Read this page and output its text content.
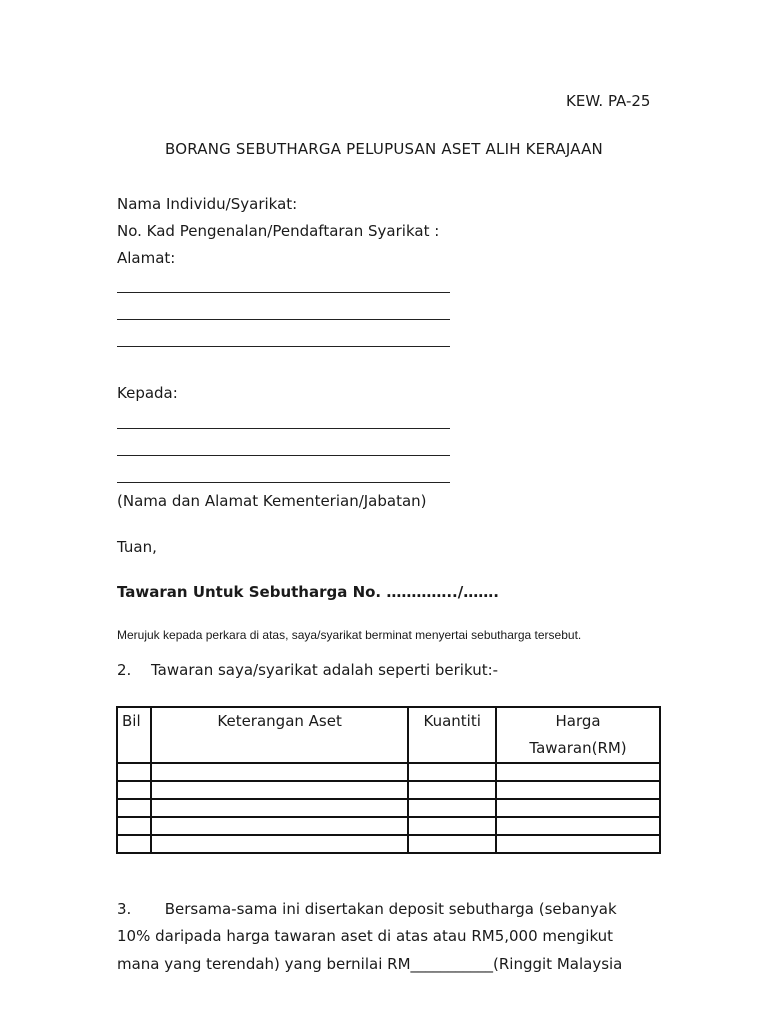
KEW. PA-25
BORANG SEBUTHARGA PELUPUSAN ASET ALIH KERAJAAN
Nama Individu/Syarikat:
No. Kad Pengenalan/Pendaftaran Syarikat :
Alamat:
Kepada:
(Nama dan Alamat Kementerian/Jabatan)
Tuan,
Tawaran Untuk Sebutharga No. …………../…….
Merujuk kepada perkara di atas, saya/syarikat berminat menyertai sebutharga tersebut.
2. Tawaran saya/syarikat adalah seperti berikut:-
Bil	Keterangan Aset	Kuantiti	Harga Tawaran(RM)

3.       Bersama-sama ini disertakan deposit sebutharga (sebanyak
10% daripada harga tawaran aset di atas atau RM5,000 mengikut
mana yang terendah) yang bernilai RM___________(Ringgit Malaysia
